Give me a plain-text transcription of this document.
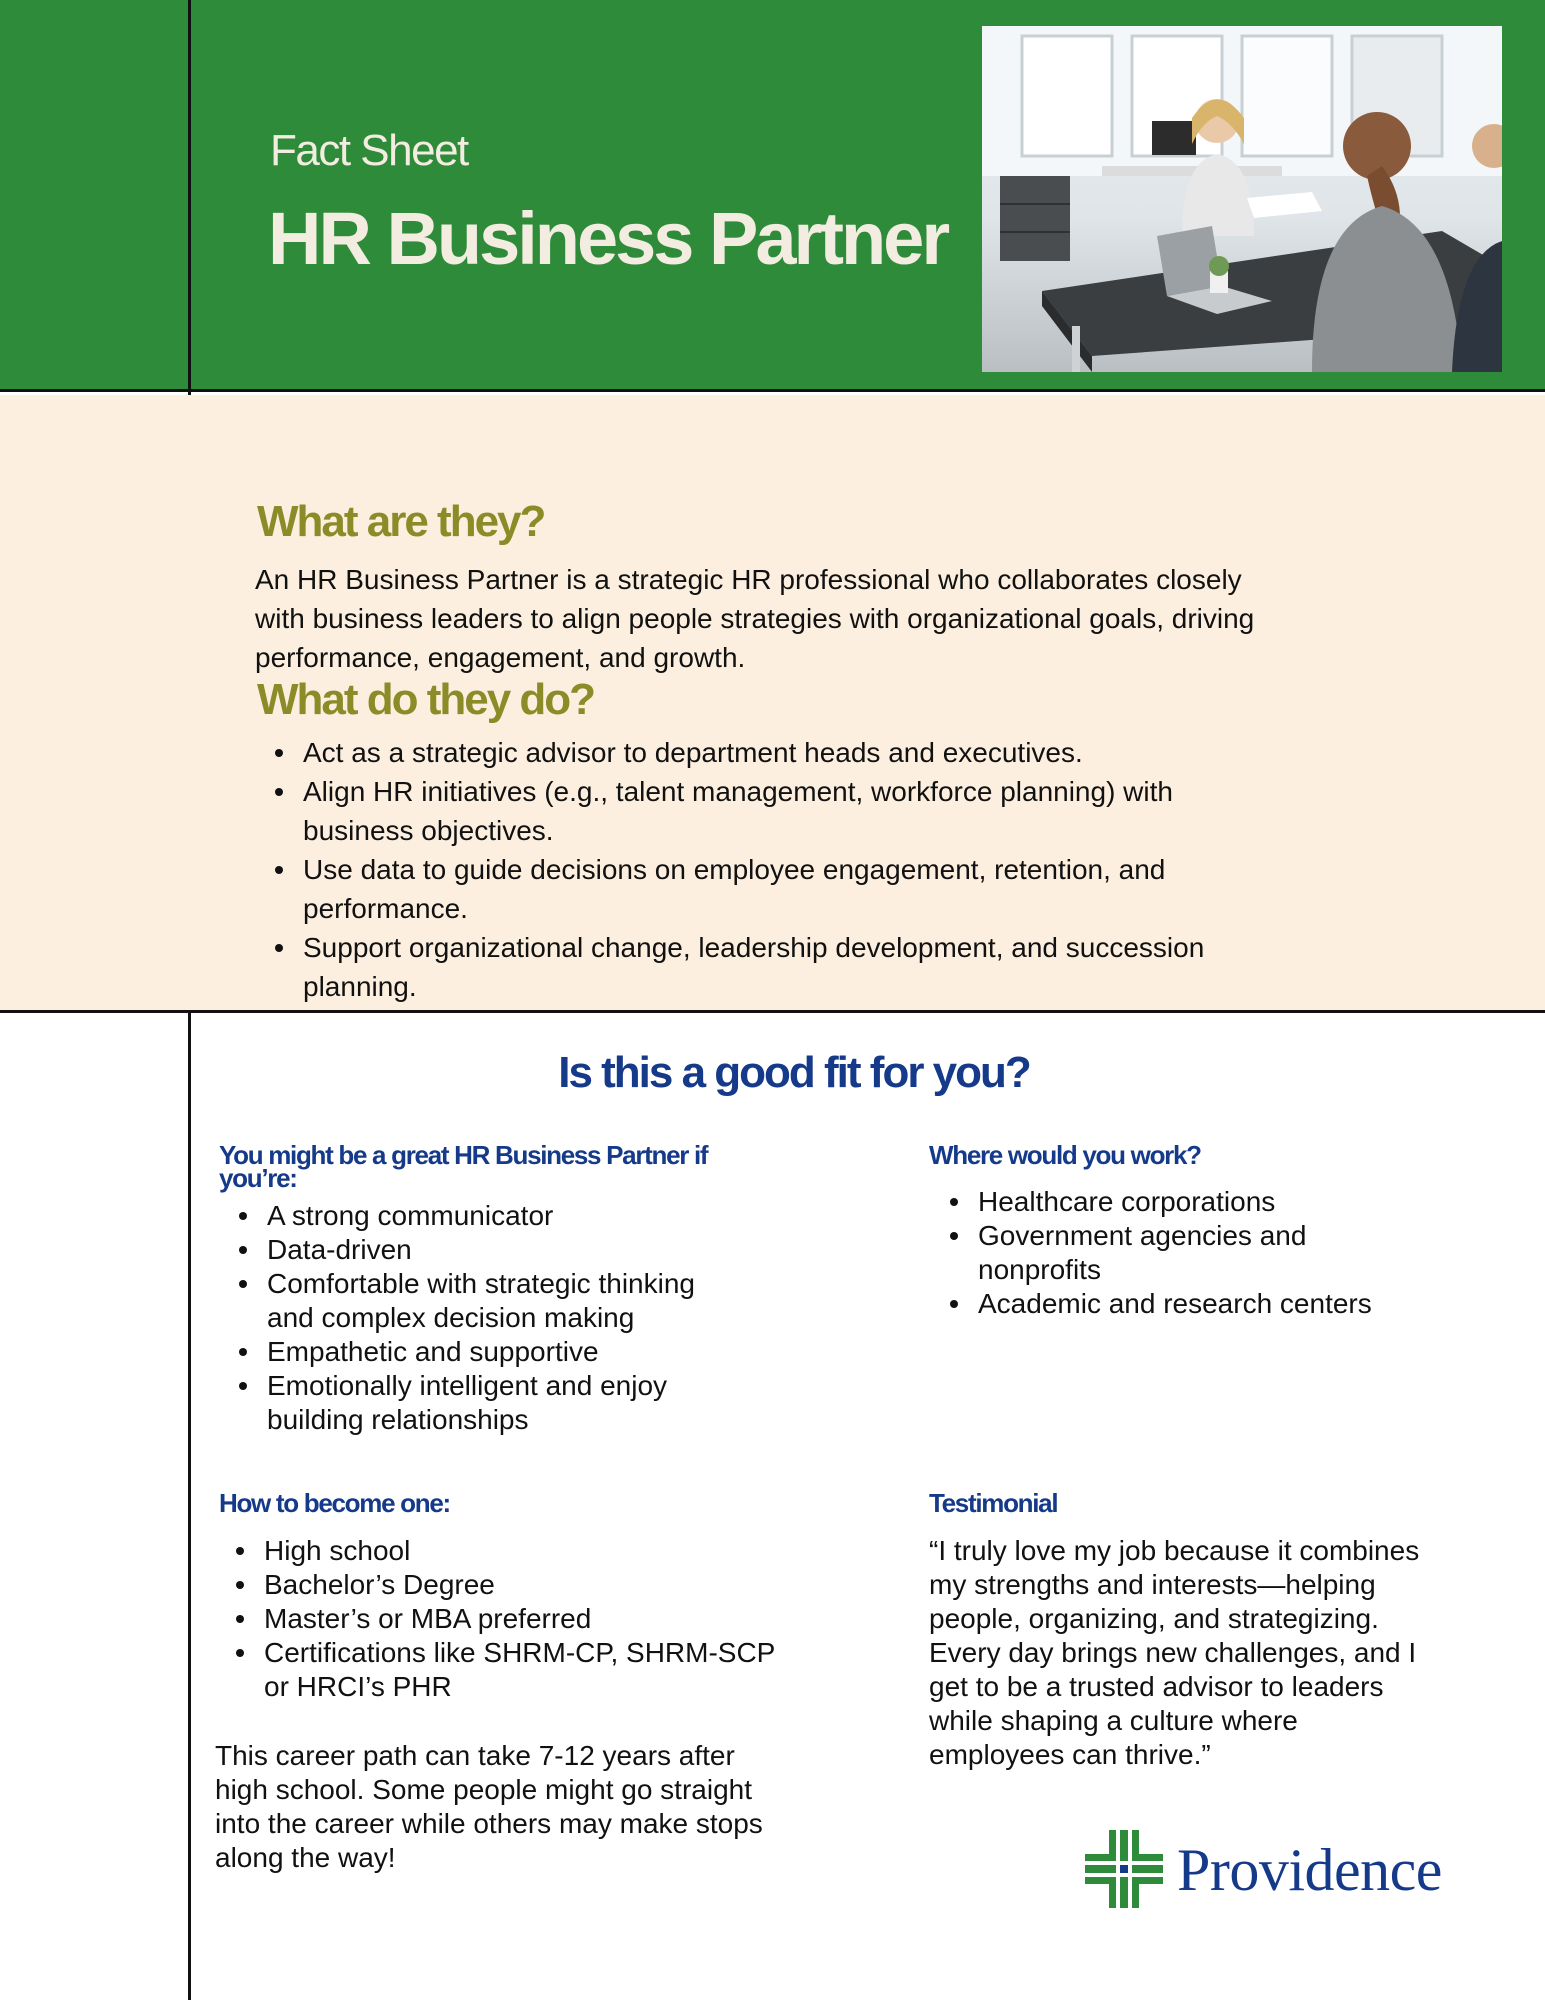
Fact Sheet
HR Business Partner
What are they?
An HR Business Partner is a strategic HR professional who collaborates closely
with business leaders to align people strategies with organizational goals, driving
performance, engagement, and growth.
What do they do?
Act as a strategic advisor to department heads and executives.
Align HR initiatives (e.g., talent management, workforce planning) with
business objectives.
Use data to guide decisions on employee engagement, retention, and
performance.
Support organizational change, leadership development, and succession
planning.
Is this a good fit for you?
You might be a great HR Business Partner if
you’re:
A strong communicator
Data-driven
Comfortable with strategic thinking
and complex decision making
Empathetic and supportive
Emotionally intelligent and enjoy
building relationships
Where would you work?
Healthcare corporations
Government agencies and
nonprofits
Academic and research centers
How to become one:
High school
Bachelor’s Degree
Master’s or MBA preferred
Certifications like SHRM-CP, SHRM-SCP
or HRCI’s PHR
This career path can take 7-12 years after
high school. Some people might go straight
into the career while others may make stops
along the way!
Testimonial
“I truly love my job because it combines
my strengths and interests—helping
people, organizing, and strategizing.
Every day brings new challenges, and I
get to be a trusted advisor to leaders
while shaping a culture where
employees can thrive.”
Providence
